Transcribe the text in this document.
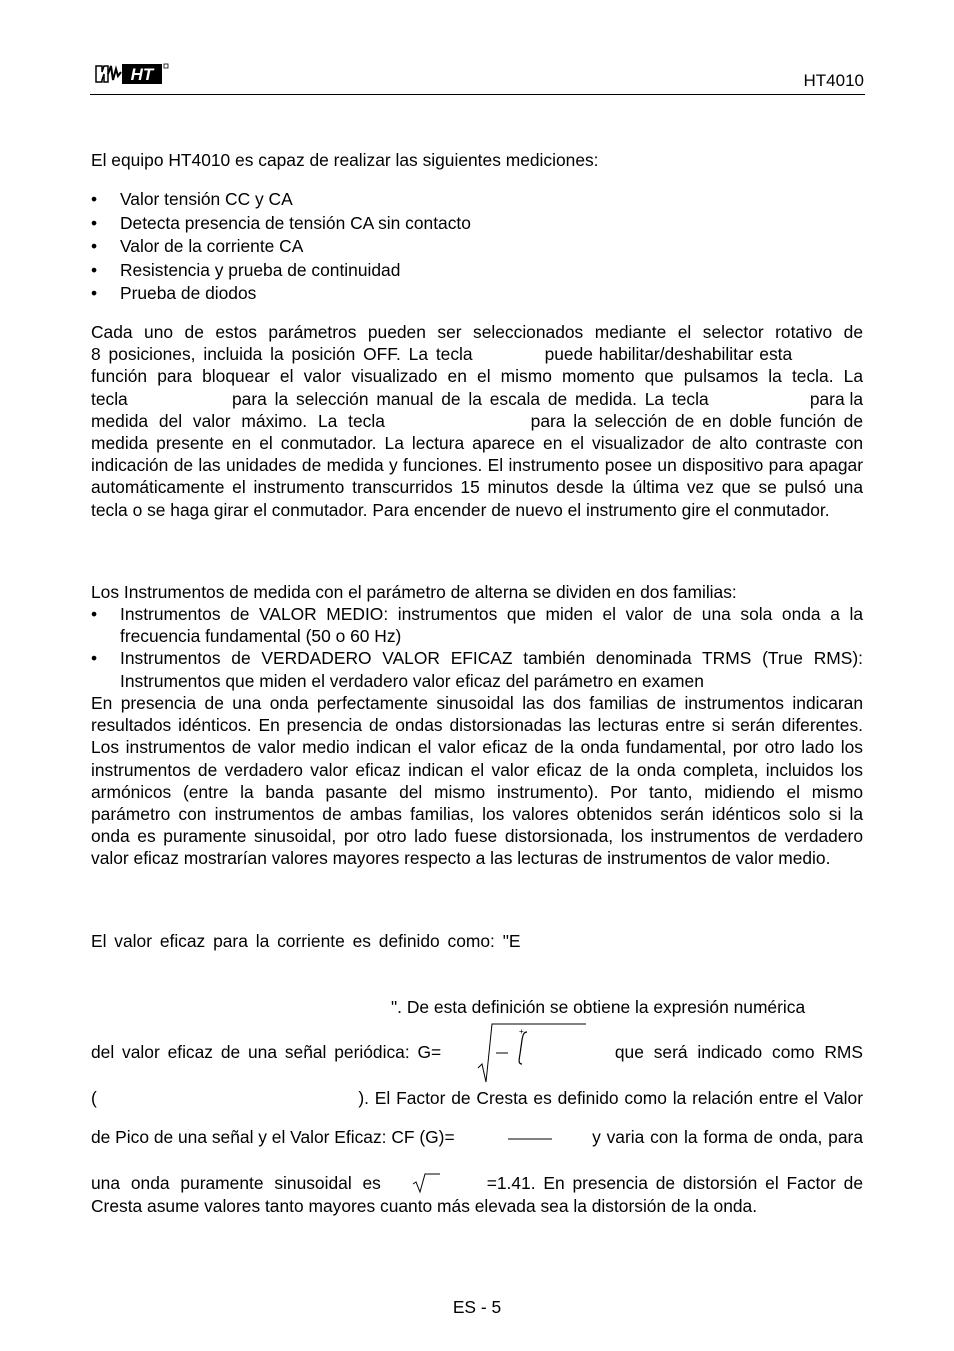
HT	HT4010

El equipo HT4010 es capaz de realizar las siguientes mediciones:

• Valor tensión CC y CA
• Detecta presencia de tensión CA sin contacto
• Valor de la corriente CA
• Resistencia y prueba de continuidad
• Prueba de diodos
Cada uno de estos parámetros pueden ser seleccionados mediante el selector rotativo de
8 posiciones, incluida la posición OFF. La tecla	puede habilitar/deshabilitar esta
función para bloquear el valor visualizado en el mismo momento que pulsamos la tecla. La
tecla	para la selección manual de la escala de medida. La tecla	para la
medida del valor máximo. La tecla	para la selección de en doble función de
medida presente en el conmutador. La lectura aparece en el visualizador de alto contraste con indicación de las unidades de medida y funciones. El instrumento posee un dispositivo para apagar automáticamente el instrumento transcurridos 15 minutos desde la última vez que se pulsó una tecla o se haga girar el conmutador. Para encender de nuevo el instrumento gire el conmutador.

Los Instrumentos de medida con el parámetro de alterna se dividen en dos familias:

• Instrumentos de VALOR MEDIO: instrumentos que miden el valor de una sola onda a la frecuencia fundamental (50 o 60 Hz)
• Instrumentos de VERDADERO VALOR EFICAZ también denominada TRMS (True RMS): Instrumentos que miden el verdadero valor eficaz del parámetro en examen

En presencia de una onda perfectamente sinusoidal las dos familias de instrumentos indicaran resultados idénticos. En presencia de ondas distorsionadas las lecturas entre si serán diferentes. Los instrumentos de valor medio indican el valor eficaz de la onda fundamental, por otro lado los instrumentos de verdadero valor eficaz indican el valor eficaz de la onda completa, incluidos los armónicos (entre la banda pasante del mismo instrumento). Por tanto, midiendo el mismo parámetro con instrumentos de ambas familias, los valores obtenidos serán idénticos solo si la onda es puramente sinusoidal, por otro lado fuese distorsionada, los instrumentos de verdadero valor eficaz mostrarían valores mayores respecto a las lecturas de instrumentos de valor medio.

El valor eficaz para la corriente es definido como: "E

". De esta definición se obtiene la expresión numérica
del valor eficaz de una señal periódica: G=	que será indicado como RMS
+
(	). El Factor de Cresta es definido como la relación entre el Valor
de Pico de una señal y el Valor Eficaz: CF (G)=	y varia con la forma de onda, para
una onda puramente sinusoidal es	=1.41. En presencia de distorsión el Factor de

Cresta asume valores tanto mayores cuanto más elevada sea la distorsión de la onda.

ES - 5
